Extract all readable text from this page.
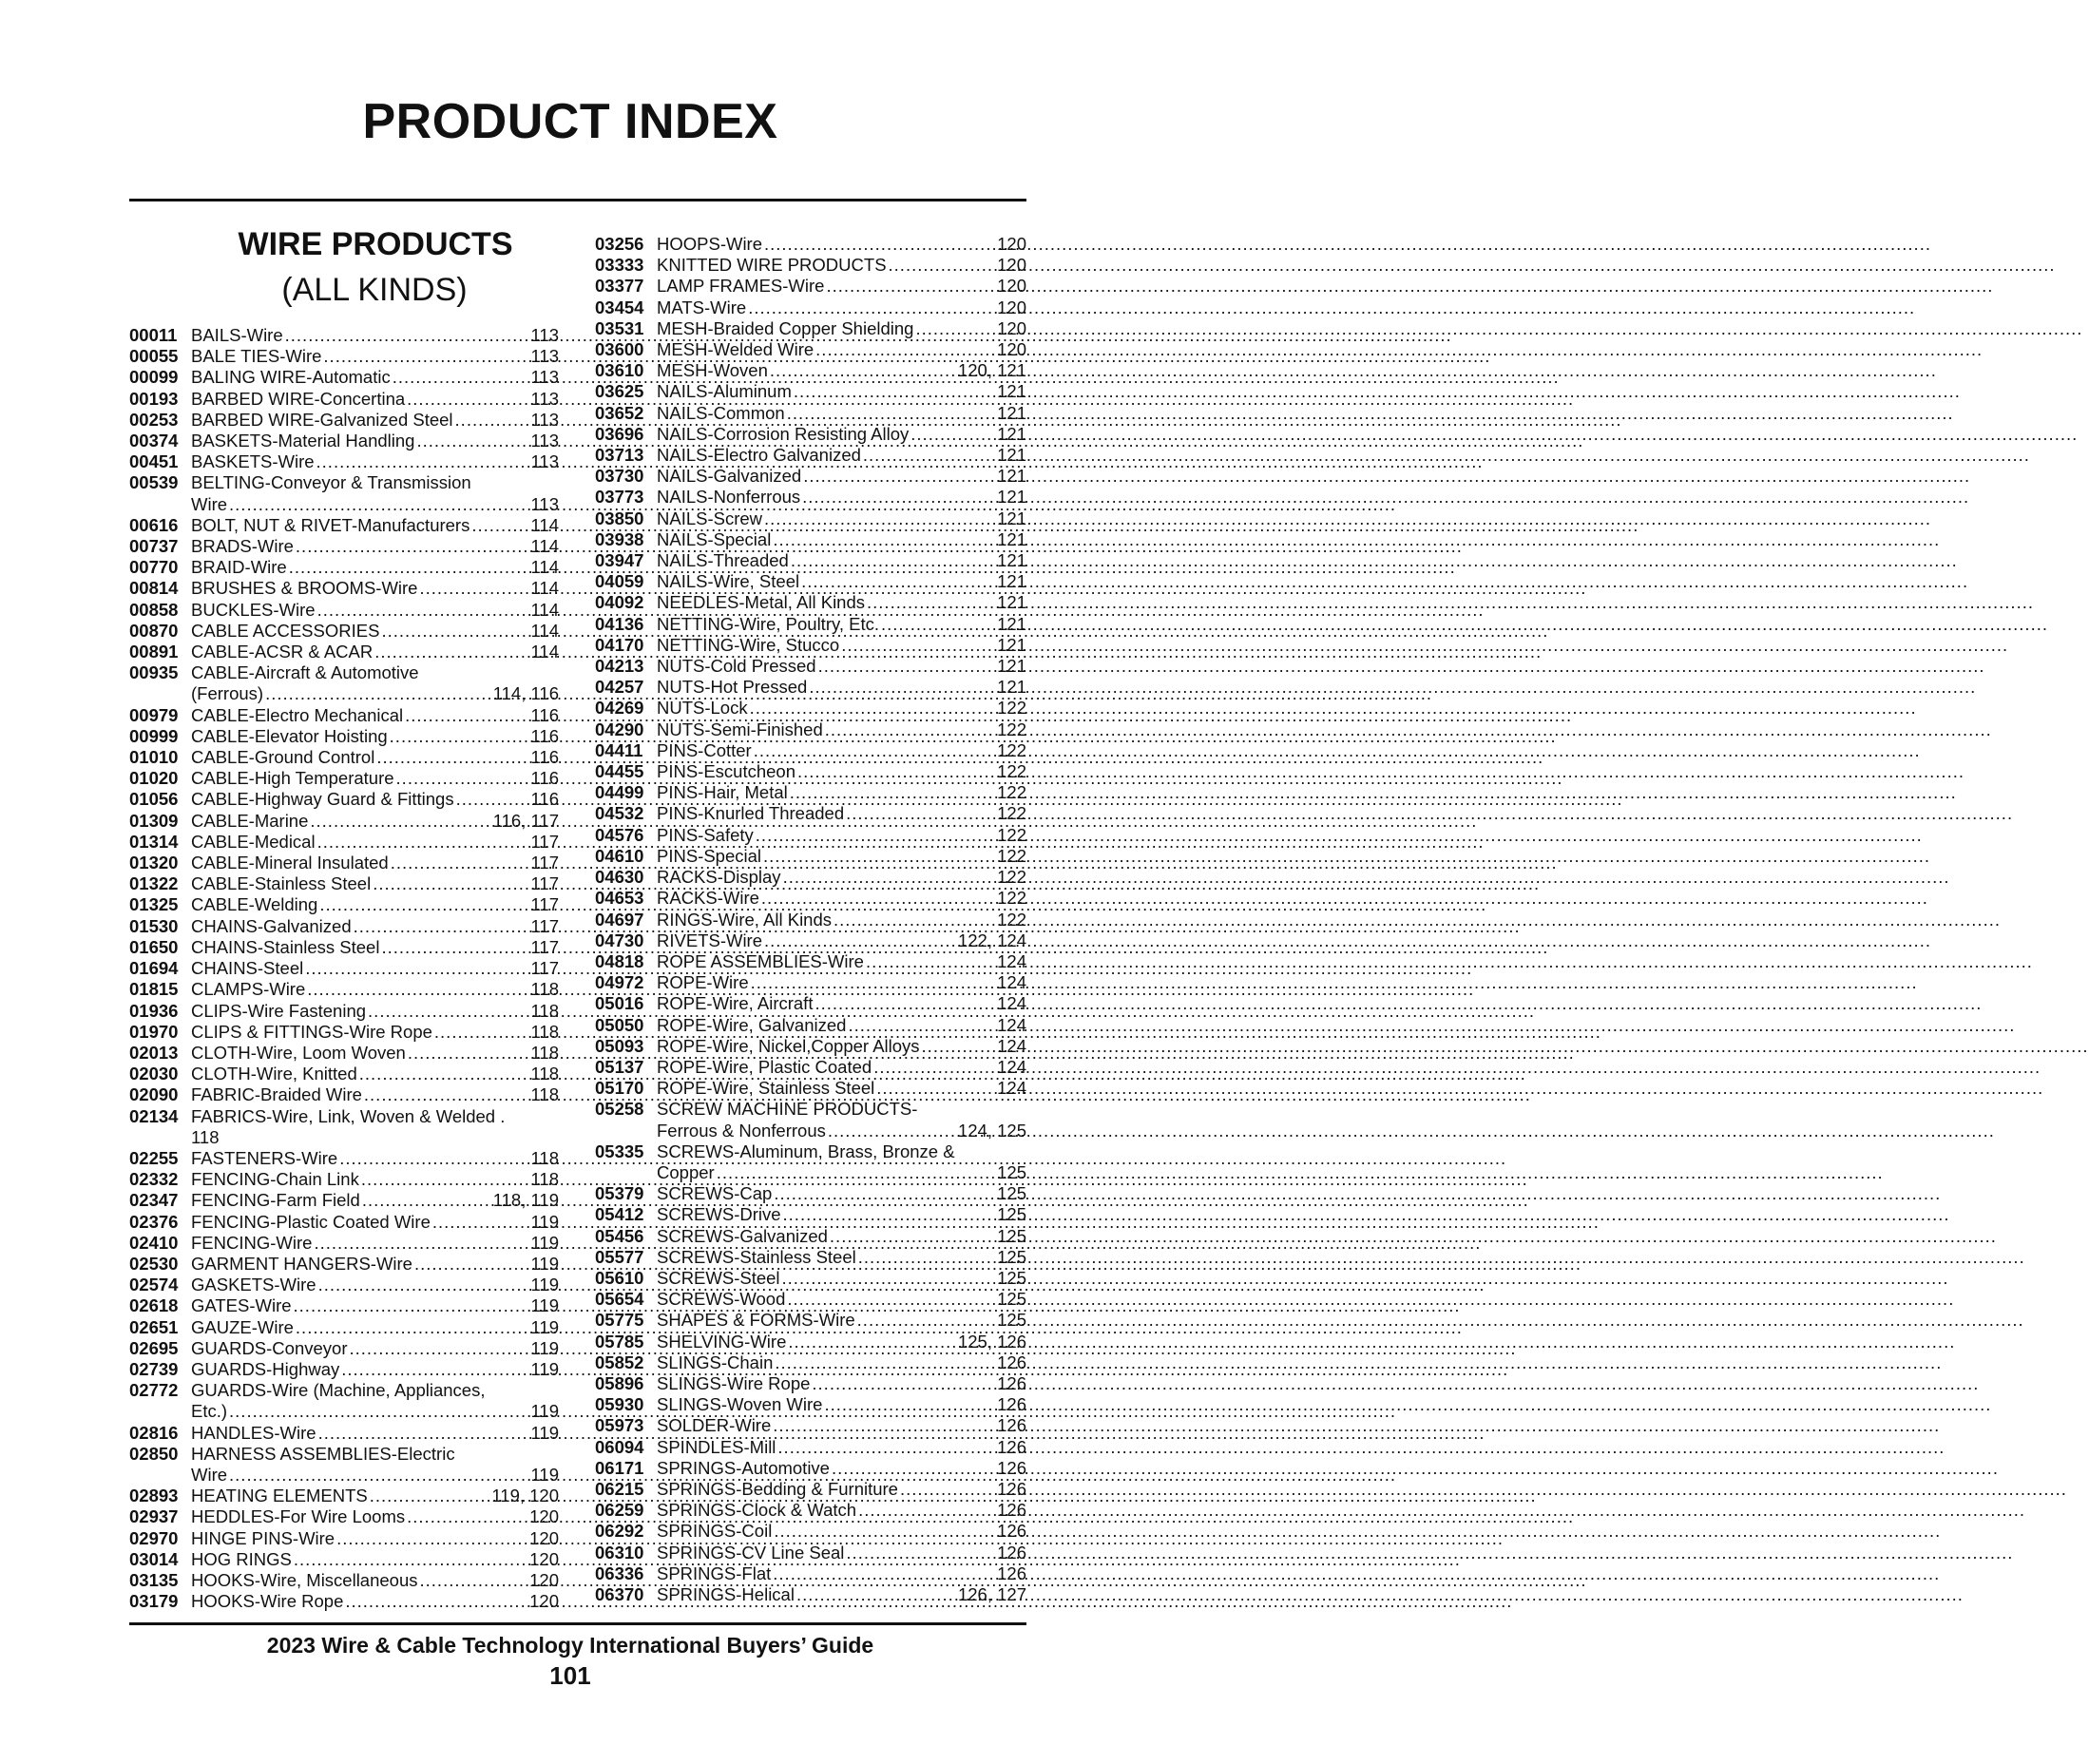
PRODUCT INDEX
WIRE PRODUCTS
(ALL KINDS)
00011 BAILS-Wire .....	113
00055 BALE TIES-Wire .....	113
00099 BALING WIRE-Automatic .....	113
00193 BARBED WIRE-Concertina .....	113
00253 BARBED WIRE-Galvanized Steel .....	113
00374 BASKETS-Material Handling .....	113
00451 BASKETS-Wire .....	113
00539 BELTING-Conveyor & Transmission
Wire .....	113
00616 BOLT, NUT & RIVET-Manufacturers .....	114
00737 BRADS-Wire .....	114
00770 BRAID-Wire .....	114
00814 BRUSHES & BROOMS-Wire .....	114
00858 BUCKLES-Wire .....	114
00870 CABLE ACCESSORIES .....	114
00891 CABLE-ACSR & ACAR .....	114
00935 CABLE-Aircraft & Automotive
(Ferrous) .....	114, 116
00979 CABLE-Electro Mechanical .....	116
00999 CABLE-Elevator Hoisting .....	116
01010 CABLE-Ground Control .....	116
01020 CABLE-High Temperature .....	116
01056 CABLE-Highway Guard & Fittings .....	116
01309 CABLE-Marine .....	116, 117
01314 CABLE-Medical .....	117
01320 CABLE-Mineral Insulated .....	117
01322 CABLE-Stainless Steel .....	117
01325 CABLE-Welding .....	117
01530 CHAINS-Galvanized .....	117
01650 CHAINS-Stainless Steel .....	117
01694 CHAINS-Steel .....	117
01815 CLAMPS-Wire .....	118
01936 CLIPS-Wire Fastening .....	118
01970 CLIPS & FITTINGS-Wire Rope .....	118
02013 CLOTH-Wire, Loom Woven .....	118
02030 CLOTH-Wire, Knitted .....	118
02090 FABRIC-Braided Wire .....	118
02134 FABRICS-Wire, Link, Woven & Welded .
118
02255 FASTENERS-Wire .....	118
02332 FENCING-Chain Link .....	118
02347 FENCING-Farm Field .....	118, 119
02376 FENCING-Plastic Coated Wire .....	119
02410 FENCING-Wire .....	119
02530 GARMENT HANGERS-Wire .....	119
02574 GASKETS-Wire .....	119
02618 GATES-Wire .....	119
02651 GAUZE-Wire .....	119
02695 GUARDS-Conveyor .....	119
02739 GUARDS-Highway .....	119
02772 GUARDS-Wire (Machine, Appliances,
Etc.) .....	119
02816 HANDLES-Wire .....	119
02850 HARNESS ASSEMBLIES-Electric
Wire .....	119
02893 HEATING ELEMENTS .....	119, 120
02937 HEDDLES-For Wire Looms .....	120
02970 HINGE PINS-Wire .....	120
03014 HOG RINGS .....	120
03135 HOOKS-Wire, Miscellaneous .....	120
03179 HOOKS-Wire Rope .....	120
03256 HOOPS-Wire .....	120
03333 KNITTED WIRE PRODUCTS .....	120
03377 LAMP FRAMES-Wire .....	120
03454 MATS-Wire .....	120
03531 MESH-Braided Copper Shielding .....	120
03600 MESH-Welded Wire .....	120
03610 MESH-Woven .....	120, 121
03625 NAILS-Aluminum .....	121
03652 NAILS-Common .....	121
03696 NAILS-Corrosion Resisting Alloy .....	121
03713 NAILS-Electro Galvanized .....	121
03730 NAILS-Galvanized .....	121
03773 NAILS-Nonferrous .....	121
03850 NAILS-Screw .....	121
03938 NAILS-Special .....	121
03947 NAILS-Threaded .....	121
04059 NAILS-Wire, Steel .....	121
04092 NEEDLES-Metal, All Kinds .....	121
04136 NETTING-Wire, Poultry, Etc. .....	121
04170 NETTING-Wire, Stucco .....	121
04213 NUTS-Cold Pressed .....	121
04257 NUTS-Hot Pressed .....	121
04269 NUTS-Lock .....	122
04290 NUTS-Semi-Finished .....	122
04411 PINS-Cotter .....	122
04455 PINS-Escutcheon .....	122
04499 PINS-Hair, Metal .....	122
04532 PINS-Knurled Threaded .....	122
04576 PINS-Safety .....	122
04610 PINS-Special .....	122
04630 RACKS-Display .....	122
04653 RACKS-Wire .....	122
04697 RINGS-Wire, All Kinds .....	122
04730 RIVETS-Wire .....	122, 124
04818 ROPE ASSEMBLIES-Wire .....	124
04972 ROPE-Wire .....	124
05016 ROPE-Wire, Aircraft .....	124
05050 ROPE-Wire, Galvanized .....	124
05093 ROPE-Wire, Nickel,Copper Alloys .....	124
05137 ROPE-Wire, Plastic Coated .....	124
05170 ROPE-Wire, Stainless Steel .....	124
05258 SCREW MACHINE PRODUCTS-
Ferrous & Nonferrous .....	124, 125
05335 SCREWS-Aluminum, Brass, Bronze &
Copper .....	125
05379 SCREWS-Cap .....	125
05412 SCREWS-Drive .....	125
05456 SCREWS-Galvanized .....	125
05577 SCREWS-Stainless Steel .....	125
05610 SCREWS-Steel .....	125
05654 SCREWS-Wood .....	125
05775 SHAPES & FORMS-Wire .....	125
05785 SHELVING-Wire .....	125, 126
05852 SLINGS-Chain .....	126
05896 SLINGS-Wire Rope .....	126
05930 SLINGS-Woven Wire .....	126
05973 SOLDER-Wire .....	126
06094 SPINDLES-Mill .....	126
06171 SPRINGS-Automotive .....	126
06215 SPRINGS-Bedding & Furniture .....	126
06259 SPRINGS-Clock & Watch .....	126
06292 SPRINGS-Coil .....	126
06310 SPRINGS-CV Line Seal .....	126
06336 SPRINGS-Flat .....	126
06370 SPRINGS-Helical .....	126, 127
2023 Wire & Cable Technology International Buyers’ Guide
101
